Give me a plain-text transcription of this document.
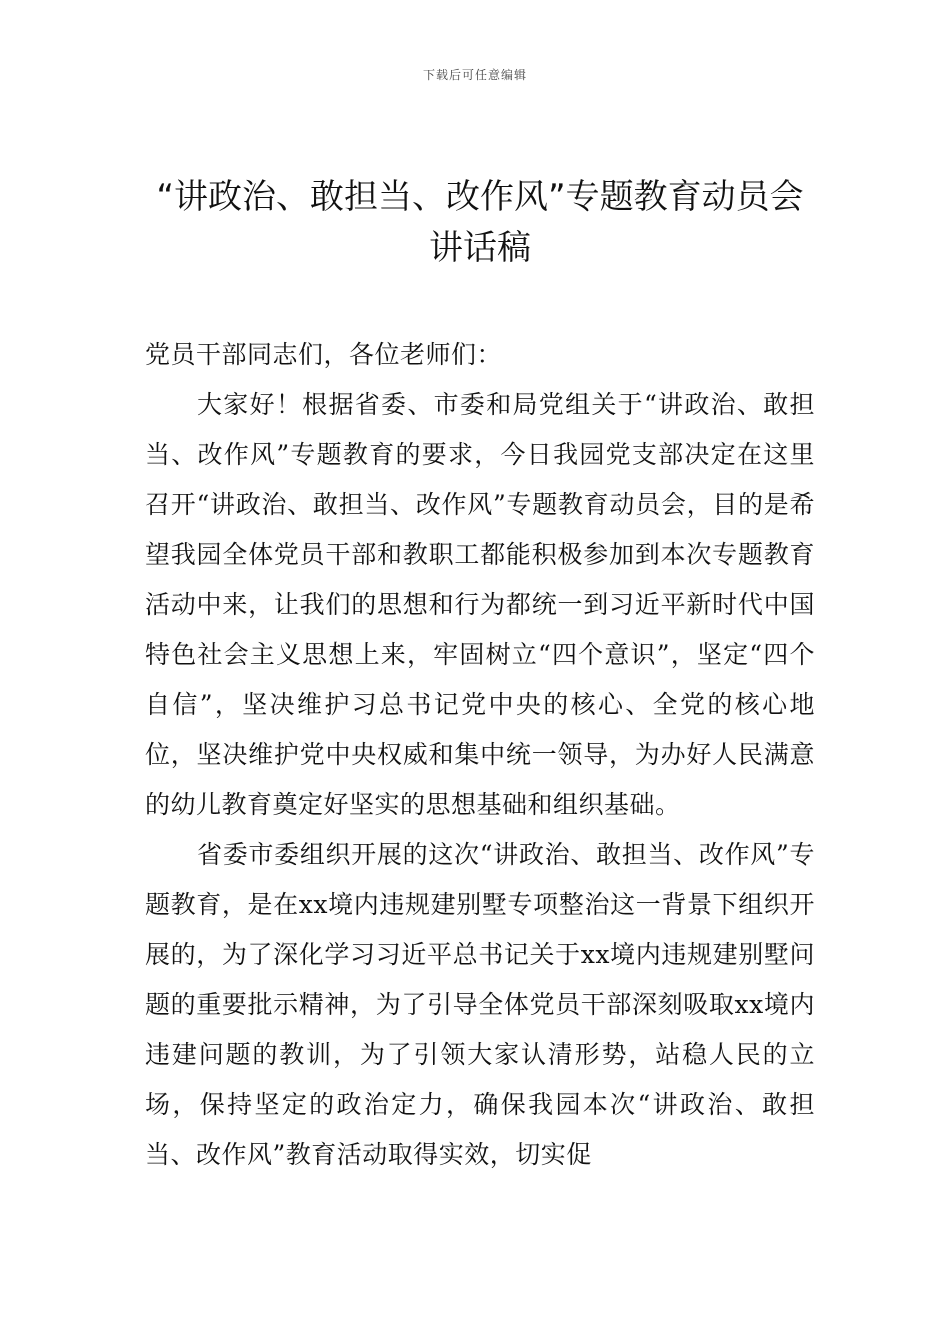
下载后可任意编辑
“讲政治、敢担当、改作风”专题教育动员会讲话稿

党员干部同志们，各位老师们：

大家好！根据省委、市委和局党组关于“讲政治、敢担当、改作风”专题教育的要求，今日我园党支部决定在这里召开“讲政治、敢担当、改作风”专题教育动员会，目的是希望我园全体党员干部和教职工都能积极参加到本次专题教育活动中来，让我们的思想和行为都统一到习近平新时代中国特色社会主义思想上来，牢固树立“四个意识”，坚定“四个自信”，坚决维护习总书记党中央的核心、全党的核心地位，坚决维护党中央权威和集中统一领导，为办好人民满意的幼儿教育奠定好坚实的思想基础和组织基础。

省委市委组织开展的这次“讲政治、敢担当、改作风”专题教育，是在xx境内违规建别墅专项整治这一背景下组织开展的，为了深化学习习近平总书记关于xx境内违规建别墅问题的重要批示精神，为了引导全体党员干部深刻吸取xx境内违建问题的教训，为了引领大家认清形势，站稳人民的立场，保持坚定的政治定力，确保我园本次“讲政治、敢担当、改作风”教育活动取得实效，切实促
